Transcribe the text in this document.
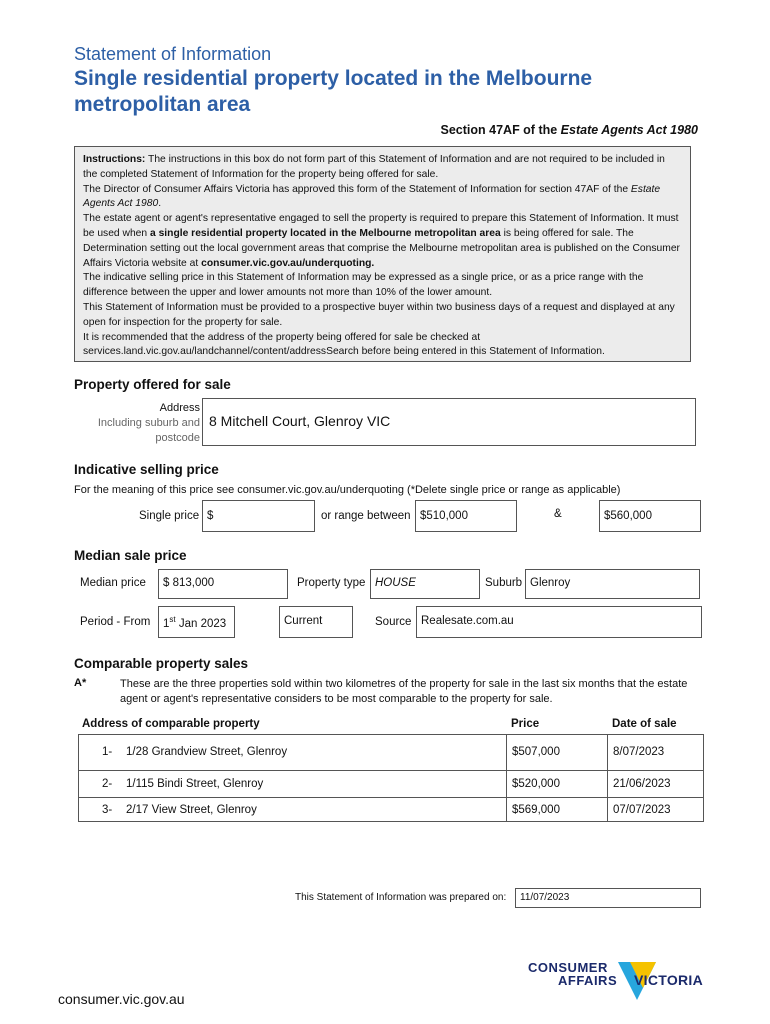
Statement of Information
Single residential property located in the Melbourne metropolitan area
Section 47AF of the Estate Agents Act 1980

Instructions: The instructions in this box do not form part of this Statement of Information and are not required to be included in the completed Statement of Information for the property being offered for sale.

The Director of Consumer Affairs Victoria has approved this form of the Statement of Information for section 47AF of the Estate Agents Act 1980.

The estate agent or agent's representative engaged to sell the property is required to prepare this Statement of Information. It must be used when a single residential property located in the Melbourne metropolitan area is being offered for sale. The Determination setting out the local government areas that comprise the Melbourne metropolitan area is published on the Consumer Affairs Victoria website at consumer.vic.gov.au/underquoting.

The indicative selling price in this Statement of Information may be expressed as a single price, or as a price range with the difference between the upper and lower amounts not more than 10% of the lower amount.

This Statement of Information must be provided to a prospective buyer within two business days of a request and displayed at any open for inspection for the property for sale.

It is recommended that the address of the property being offered for sale be checked at services.land.vic.gov.au/landchannel/content/addressSearch before being entered in this Statement of Information.

Property offered for sale
Address
Including suburb and
postcode
8 Mitchell Court, Glenroy VIC
Indicative selling price
For the meaning of this price see consumer.vic.gov.au/underquoting (*Delete single price or range as applicable)
Single price $	or range between $510,000	&	$560,000
Median sale price
Median price	$ 813,000	Property type HOUSE	Suburb Glenroy
Period - From	1st Jan 2023	Current	Source Realesate.com.au
Comparable property sales
A*	These are the three properties sold within two kilometres of the property for sale in the last six months that the estate agent or agent's representative considers to be most comparable to the property for sale.
Address of comparable property	Price	Date of sale
1- 1/28 Grandview Street, Glenroy	$507,000	8/07/2023
2- 1/115 Bindi Street, Glenroy	$520,000	21/06/2023
3- 2/17 View Street, Glenroy	$569,000	07/07/2023
This Statement of Information was prepared on:	11/07/2023
CONSUMER
AFFAIRS VICTORIA
consumer.vic.gov.au
